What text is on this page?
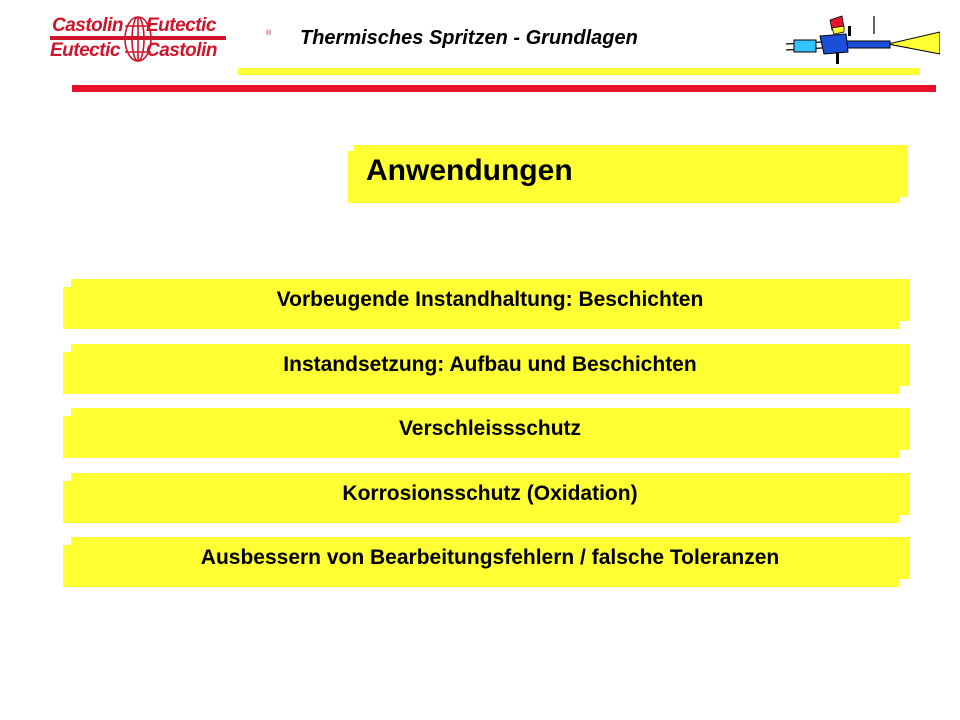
Castolin Eutectic
Eutectic Castolin
® Thermisches Spritzen - Grundlagen
Anwendungen
Vorbeugende Instandhaltung: Beschichten
Instandsetzung: Aufbau und Beschichten
Verschleissschutz
Korrosionsschutz (Oxidation)
Ausbessern von Bearbeitungsfehlern / falsche Toleranzen
